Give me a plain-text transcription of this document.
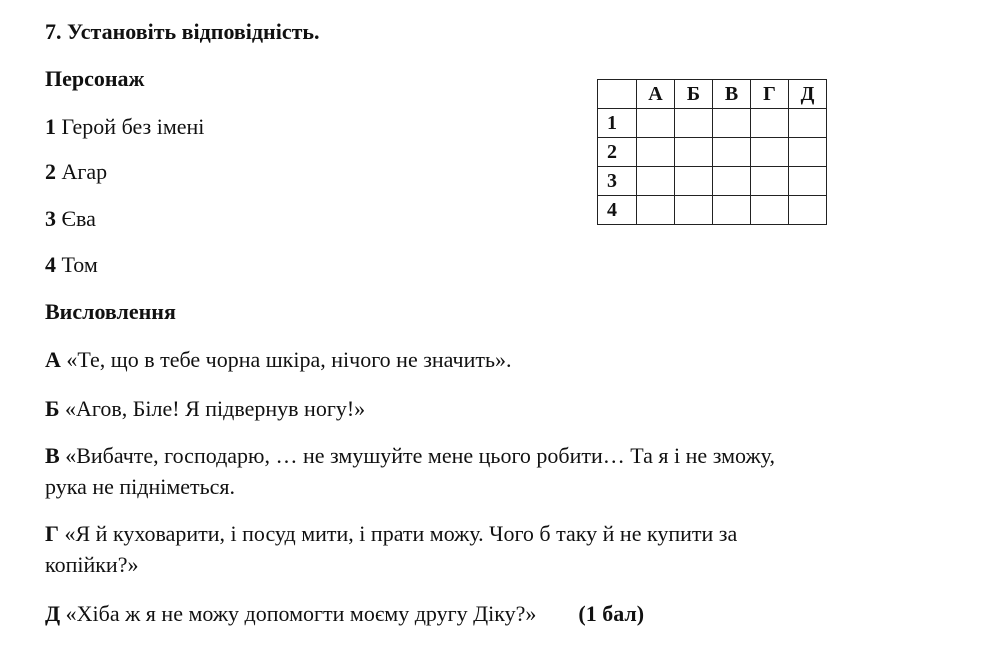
7. Установіть відповідність.
Персонаж
1 Герой без імені
2 Агар
3 Єва
4 Том
Висловлення
А «Те, що в тебе чорна шкіра, нічого не значить».
Б «Агов, Біле! Я підвернув ногу!»
В «Вибачте, господарю, … не змушуйте мене цього робити… Та я і не зможу,
рука не підніметься.
Г «Я й куховарити, і посуд мити, і прати можу. Чого б таку й не купити за
копійки?»
Д «Хіба ж я не можу допомогти моєму другу Діку?» (1 бал)
	А	Б	В	Г	Д
1					
2					
3					
4					
